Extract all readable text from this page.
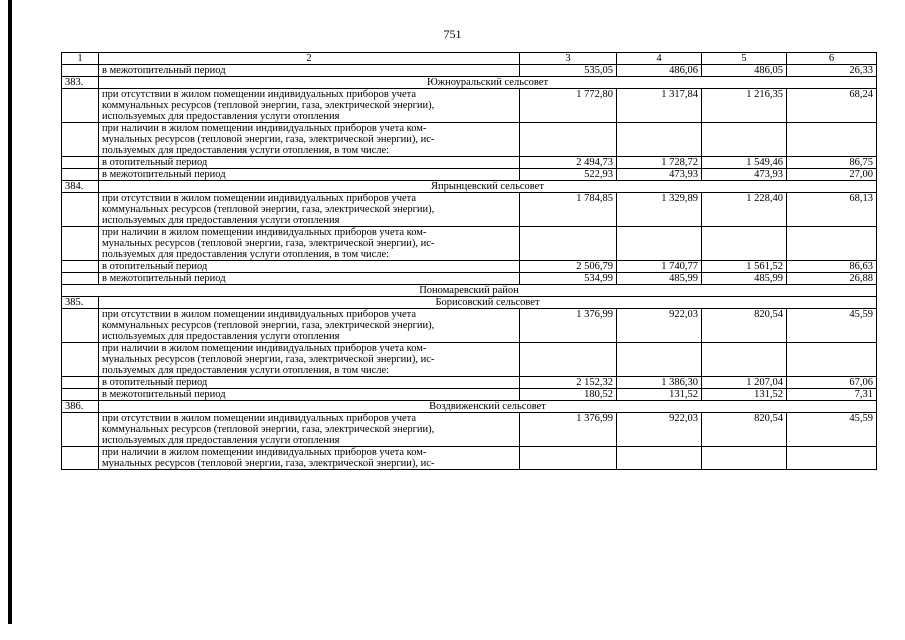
751
1	2	3	4	5	6

	в межотопительный период	535,05	486,06	486,05	26,33
383.	Южноуральский сельсовет				

	при отсутствии в жилом помещении индивидуальных приборов учета
коммунальных ресурсов (тепловой энергии, газа, электрической энергии),
используемых для предоставления услуги отопления	1 772,80	1 317,84	1 216,35	68,24

	при наличии в жилом помещении индивидуальных приборов учета ком-
мунальных ресурсов (тепловой энергии, газа, электрической энергии), ис-
пользуемых для предоставления услуги отопления, в том числе:				

	в отопительный период	2 494,73	1 728,72	1 549,46	86,75

	в межотопительный период	522,93	473,93	473,93	27,00
384.	Япрынцевский сельсовет				

	при отсутствии в жилом помещении индивидуальных приборов учета
коммунальных ресурсов (тепловой энергии, газа, электрической энергии),
используемых для предоставления услуги отопления	1 784,85	1 329,89	1 228,40	68,13

	при наличии в жилом помещении индивидуальных приборов учета ком-
мунальных ресурсов (тепловой энергии, газа, электрической энергии), ис-
пользуемых для предоставления услуги отопления, в том числе:				

	в отопительный период	2 506,79	1 740,77	1 561,52	86,63

	в межотопительный период	534,99	485,99	485,99	26,88
Пономаревский район					
385.	Борисовский сельсовет				

	при отсутствии в жилом помещении индивидуальных приборов учета
коммунальных ресурсов (тепловой энергии, газа, электрической энергии),
используемых для предоставления услуги отопления	1 376,99	922,03	820,54	45,59

	при наличии в жилом помещении индивидуальных приборов учета ком-
мунальных ресурсов (тепловой энергии, газа, электрической энергии), ис-
пользуемых для предоставления услуги отопления, в том числе:				

	в отопительный период	2 152,32	1 386,30	1 207,04	67,06

	в межотопительный период	180,52	131,52	131,52	7,31
386.	Воздвиженский сельсовет				

	при отсутствии в жилом помещении индивидуальных приборов учета
коммунальных ресурсов (тепловой энергии, газа, электрической энергии),
используемых для предоставления услуги отопления	1 376,99	922,03	820,54	45,59

	при наличии в жилом помещении индивидуальных приборов учета ком-
мунальных ресурсов (тепловой энергии, газа, электрической энергии), ис-				
